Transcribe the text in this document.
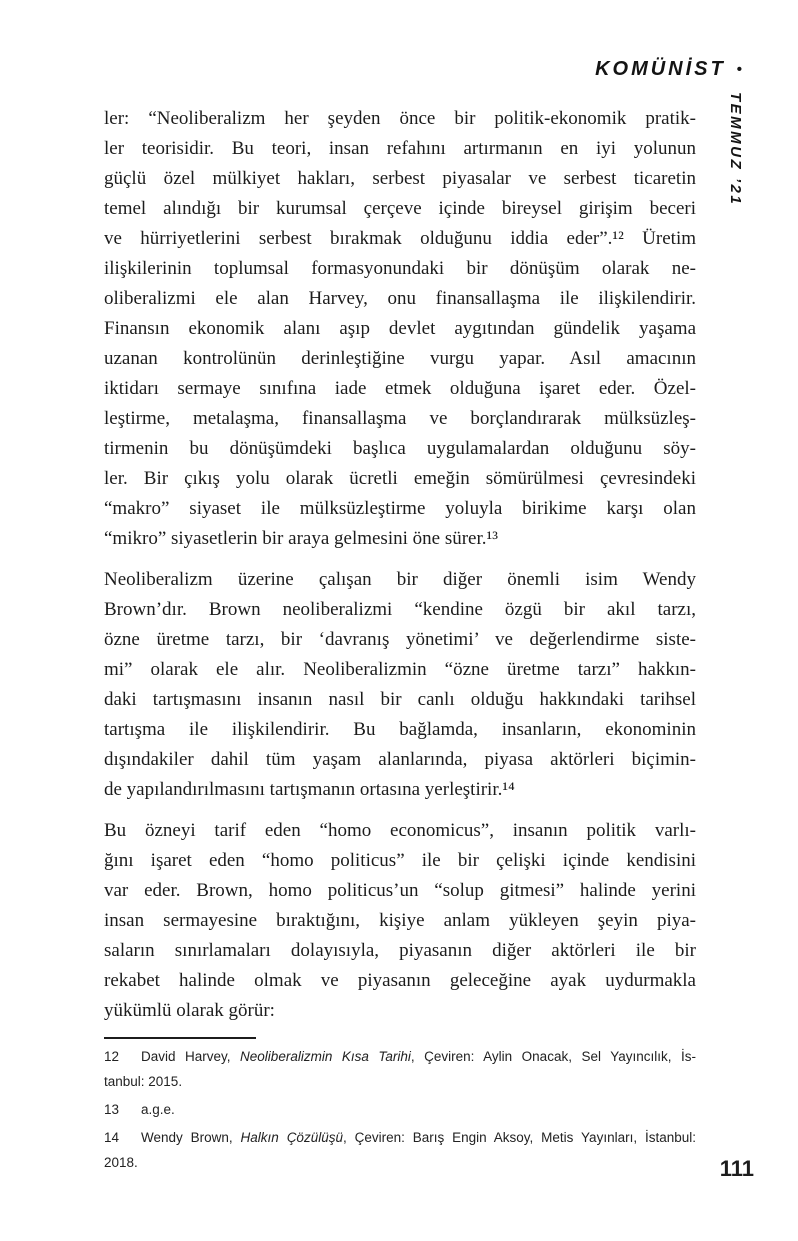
KOMÜNİST •
TEMMUZ ’21
ler: “Neoliberalizm her şeyden önce bir politik-ekonomik pratik-
ler teorisidir. Bu teori, insan refahını artırmanın en iyi yolunun
güçlü özel mülkiyet hakları, serbest piyasalar ve serbest ticaretin
temel alındığı bir kurumsal çerçeve içinde bireysel girişim beceri
ve hürriyetlerini serbest bırakmak olduğunu iddia eder”.¹² Üretim
ilişkilerinin toplumsal formasyonundaki bir dönüşüm olarak ne-
oliberalizmi ele alan Harvey, onu finansallaşma ile ilişkilendirir.
Finansın ekonomik alanı aşıp devlet aygıtından gündelik yaşama
uzanan kontrolünün derinleştiğine vurgu yapar. Asıl amacının
iktidarı sermaye sınıfına iade etmek olduğuna işaret eder. Özel-
leştirme, metalaşma, finansallaşma ve borçlandırarak mülksüzleş-
tirmenin bu dönüşümdeki başlıca uygulamalardan olduğunu söy-
ler. Bir çıkış yolu olarak ücretli emeğin sömürülmesi çevresindeki
“makro” siyaset ile mülksüzleştirme yoluyla birikime karşı olan
“mikro” siyasetlerin bir araya gelmesini öne sürer.¹³
Neoliberalizm üzerine çalışan bir diğer önemli isim Wendy
Brown’dır. Brown neoliberalizmi “kendine özgü bir akıl tarzı,
özne üretme tarzı, bir ‘davranış yönetimi’ ve değerlendirme siste-
mi” olarak ele alır. Neoliberalizmin “özne üretme tarzı” hakkın-
daki tartışmasını insanın nasıl bir canlı olduğu hakkındaki tarihsel
tartışma ile ilişkilendirir. Bu bağlamda, insanların, ekonominin
dışındakiler dahil tüm yaşam alanlarında, piyasa aktörleri biçimin-
de yapılandırılmasını tartışmanın ortasına yerleştirir.¹⁴
Bu özneyi tarif eden “homo economicus”, insanın politik varlı-
ğını işaret eden “homo politicus” ile bir çelişki içinde kendisini
var eder. Brown, homo politicus’un “solup gitmesi” halinde yerini
insan sermayesine bıraktığını, kişiye anlam yükleyen şeyin piya-
saların sınırlamaları dolayısıyla, piyasanın diğer aktörleri ile bir
rekabet halinde olmak ve piyasanın geleceğine ayak uydurmakla
yükümlü olarak görür:
12 David Harvey, Neoliberalizmin Kısa Tarihi, Çeviren: Aylin Onacak, Sel Yayıncılık, İs-
tanbul: 2015.
13 a.g.e.
14 Wendy Brown, Halkın Çözülüşü, Çeviren: Barış Engin Aksoy, Metis Yayınları, İstanbul:
2018.	111
